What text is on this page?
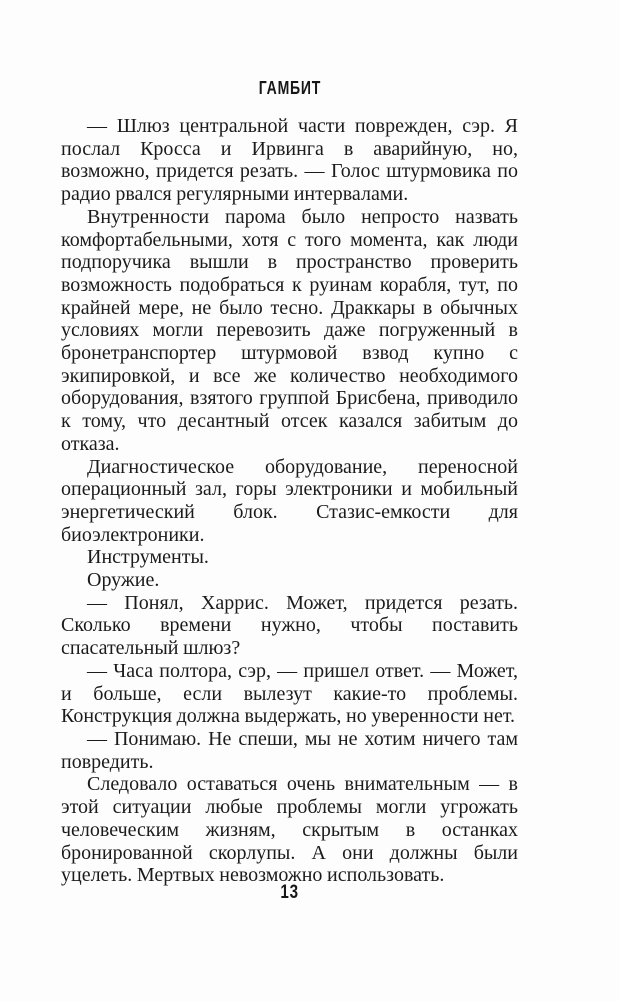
ГАМБИТ

— Шлюз центральной части поврежден, сэр. Я послал Кросса и Ирвинга в аварийную, но, возможно, придется резать. — Голос штурмовика по радио рвался регулярными интервалами.

Внутренности парома было непросто назвать комфортабельными, хотя с того момента, как люди подпоручика вышли в пространство проверить возможность подобраться к руинам корабля, тут, по крайней мере, не было тесно. Драккары в обычных условиях могли перевозить даже погруженный в бронетранспортер штурмовой взвод купно с экипировкой, и все же количество необходимого оборудования, взятого группой Брисбена, приводило к тому, что десантный отсек казался забитым до отказа.

Диагностическое оборудование, переносной операционный зал, горы электроники и мобильный энергетический блок. Стазис-емкости для биоэлектроники.

Инструменты.

Оружие.

— Понял, Харрис. Может, придется резать. Сколько времени нужно, чтобы поставить спасательный шлюз?

— Часа полтора, сэр, — пришел ответ. — Может, и больше, если вылезут какие-то проблемы. Конструкция должна выдержать, но уверенности нет.

— Понимаю. Не спеши, мы не хотим ничего там повредить.

Следовало оставаться очень внимательным — в этой ситуации любые проблемы могли угрожать человеческим жизням, скрытым в останках бронированной скорлупы. А они должны были уцелеть. Мертвых невозможно использовать.

13
